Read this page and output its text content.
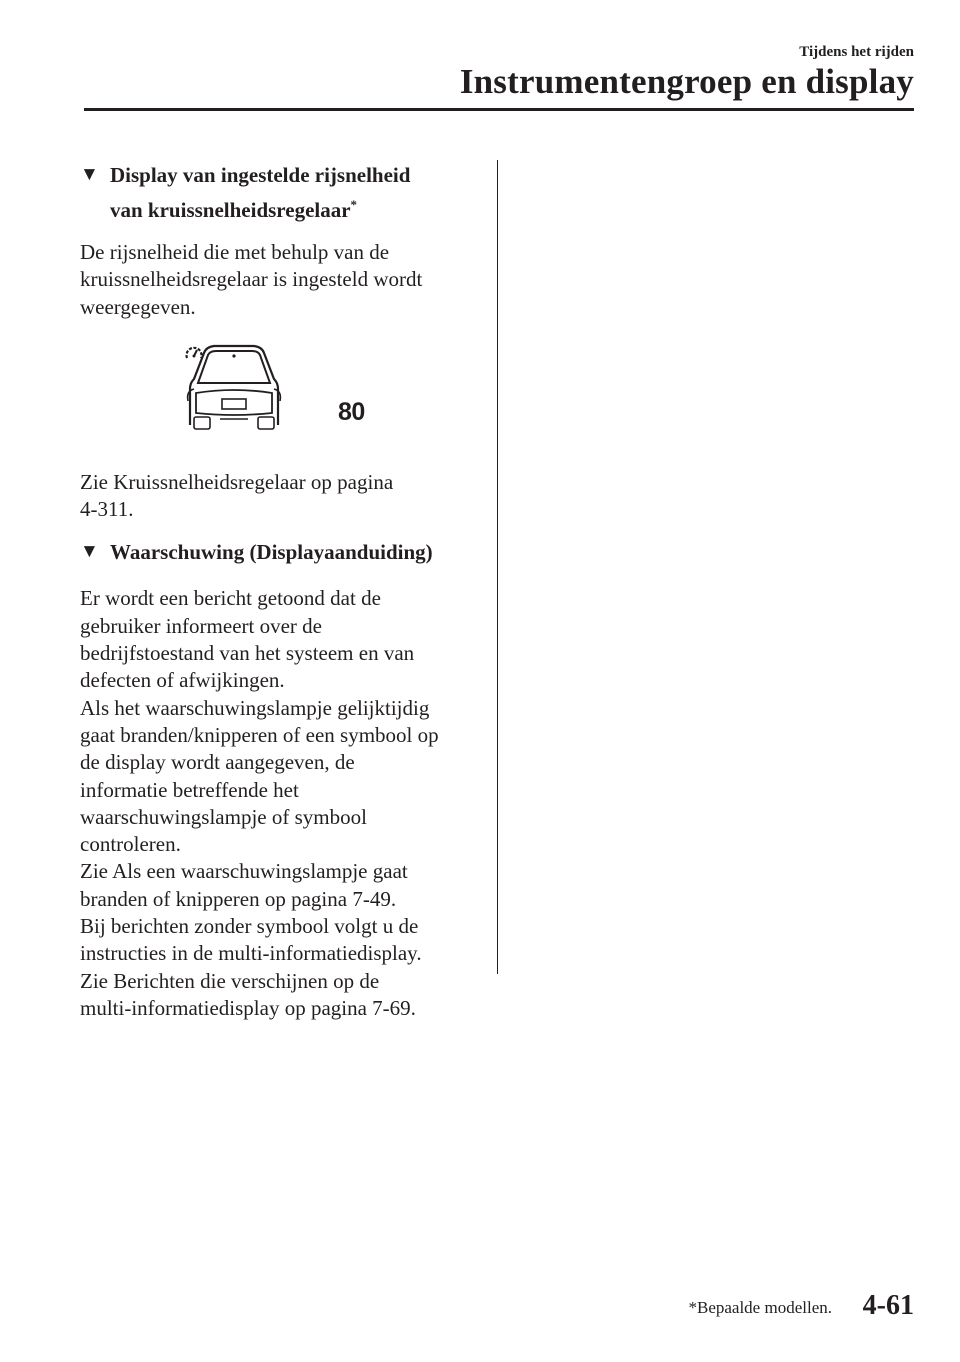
Tijdens het rijden
Instrumentengroep en display
▼ Display van ingestelde rijsnelheid
van kruissnelheidsregelaar*

De rijsnelheid die met behulp van de
kruissnelheidsregelaar is ingesteld wordt
weergegeven.

80

Zie Kruissnelheidsregelaar op pagina
4-311.

▼ Waarschuwing (Displayaanduiding)

Er wordt een bericht getoond dat de
gebruiker informeert over de
bedrijfstoestand van het systeem en van
defecten of afwijkingen.
Als het waarschuwingslampje gelijktijdig
gaat branden/knipperen of een symbool op
de display wordt aangegeven, de
informatie betreffende het
waarschuwingslampje of symbool
controleren.
Zie Als een waarschuwingslampje gaat
branden of knipperen op pagina 7-49.
Bij berichten zonder symbool volgt u de
instructies in de multi-informatiedisplay.
Zie Berichten die verschijnen op de
multi-informatiedisplay op pagina 7-69.

*Bepaalde modellen. 4-61
